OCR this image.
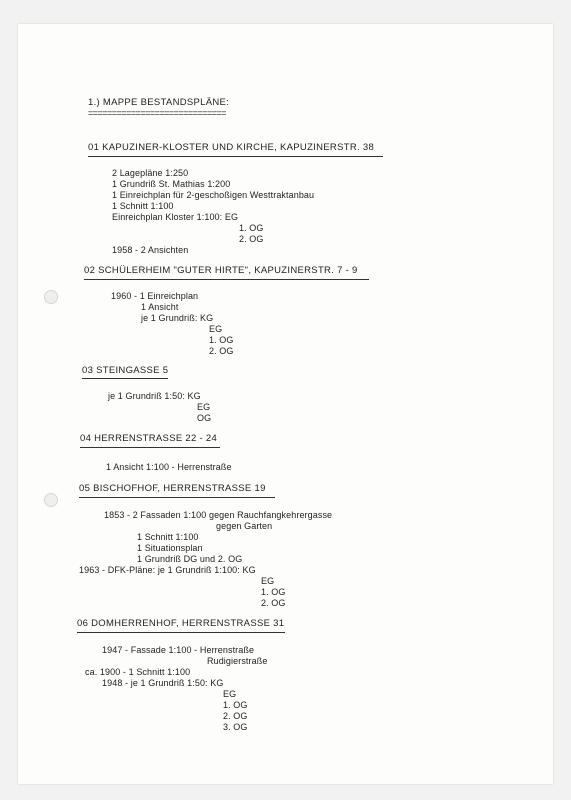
1.) MAPPE BESTANDSPLÄNE:
=============================
01 KAPUZINER-KLOSTER UND KIRCHE, KAPUZINERSTR. 38
2 Lagepläne 1:250
1 Grundriß St. Mathias 1:200
1 Einreichplan für 2-geschoßigen Westtraktanbau
1 Schnitt 1:100
Einreichplan Kloster 1:100: EG
1. OG
2. OG
1958 - 2 Ansichten
02 SCHÜLERHEIM "GUTER HIRTE", KAPUZINERSTR. 7 - 9
1960 - 1 Einreichplan
1 Ansicht
je 1 Grundriß: KG
EG
1. OG
2. OG
03 STEINGASSE 5
je 1 Grundriß 1:50: KG
EG
OG
04 HERRENSTRASSE 22 - 24
1 Ansicht 1:100 - Herrenstraße
05 BISCHOFHOF, HERRENSTRASSE 19
1853 - 2 Fassaden 1:100 gegen Rauchfangkehrergasse
gegen Garten
1 Schnitt 1:100
1 Situationsplan
1 Grundriß DG und 2. OG
1963 - DFK-Pläne: je 1 Grundriß 1:100: KG
EG
1. OG
2. OG
06 DOMHERRENHOF, HERRENSTRASSE 31
1947 - Fassade 1:100 - Herrenstraße
Rudigierstraße
ca. 1900 - 1 Schnitt 1:100
1948 - je 1 Grundriß 1:50: KG
EG
1. OG
2. OG
3. OG
